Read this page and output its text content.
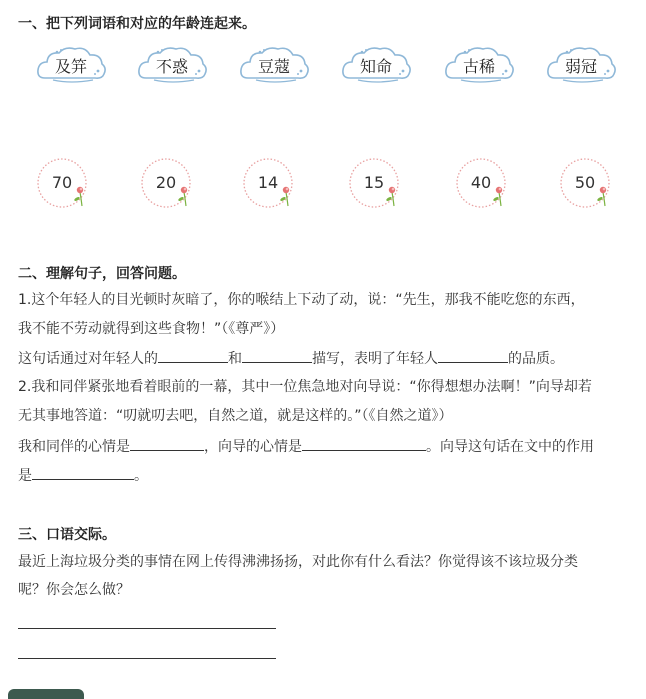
一、把下列词语和对应的年龄连起来。
及笄	不惑	豆蔻	知命	古稀	弱冠
70	20	14	15	40	50
二、理解句子，回答问题。
1.这个年轻人的目光顿时灰暗了，你的喉结上下动了动，说：“先生，那我不能吃您的东西，
我不能不劳动就得到这些食物！”（《尊严》）
这句话通过对年轻人的	和	描写，表明了年轻人	的品质。
2.我和同伴紧张地看着眼前的一幕，其中一位焦急地对向导说：“你得想想办法啊！”向导却若
无其事地答道：“叨就叨去吧，自然之道，就是这样的。”（《自然之道》）
我和同伴的心情是	，向导的心情是	。向导这句话在文中的作用
是	。
三、口语交际。
最近上海垃圾分类的事情在网上传得沸沸扬扬，对此你有什么看法？你觉得该不该垃圾分类
呢？你会怎么做？
